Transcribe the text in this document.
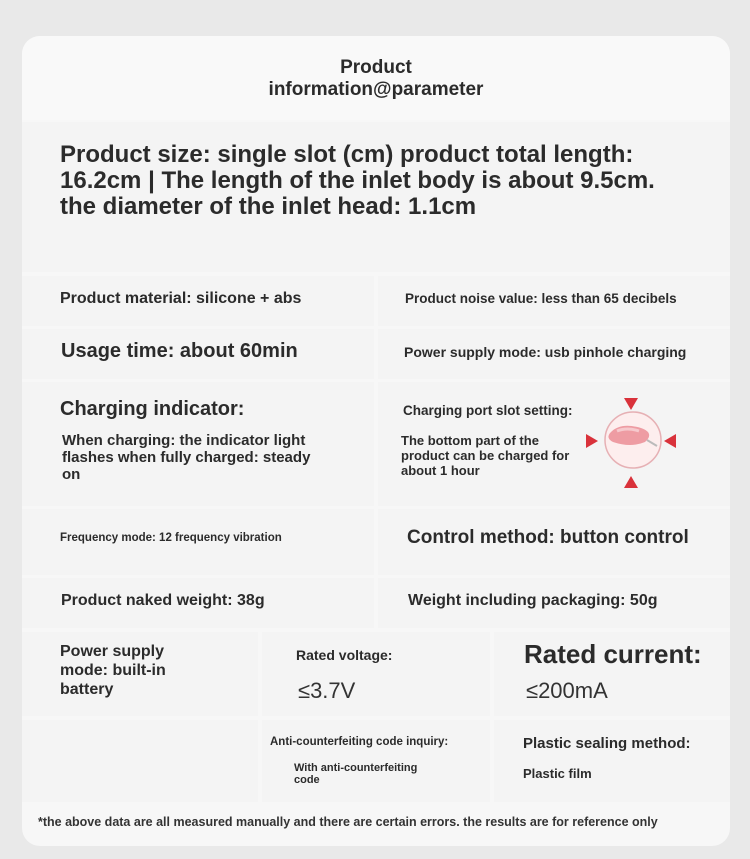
Product
information@parameter
Product size: single slot (cm) product total length: 16.2cm | The length of the inlet body is about 9.5cm. the diameter of the inlet head: 1.1cm
Product material: silicone + abs	Product noise value: less than 65 decibels
Usage time: about 60min	Power supply mode: usb pinhole charging
Charging indicator:
When charging: the indicator light flashes when fully charged: steady on
Charging port slot setting:
The bottom part of the product can be charged for about 1 hour
Frequency mode: 12 frequency vibration	Control method: button control
Product naked weight: 38g	Weight including packaging: 50g
Power supply mode: built-in battery
Rated voltage:
≤3.7V
Rated current:
≤200mA
Anti-counterfeiting code inquiry:
With anti-counterfeiting code
Plastic sealing method:
Plastic film
*the above data are all measured manually and there are certain errors. the results are for reference only
